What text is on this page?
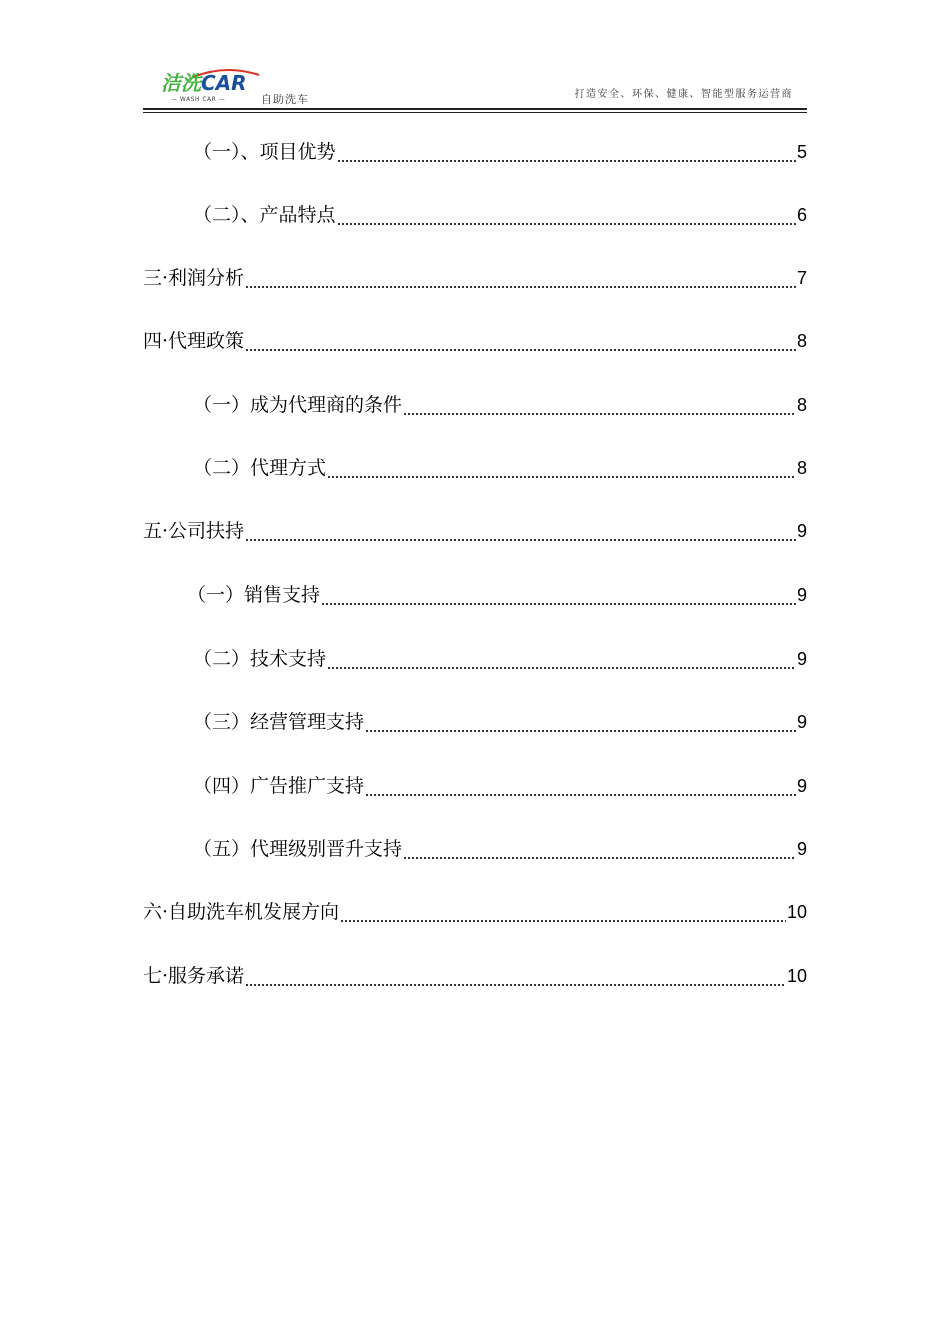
洁洗CAR
— WASH CAR —	自助洗车	打造安全、环保、健康、智能型服务运营商
（一）、项目优势	5
（二）、产品特点	6
三·利润分析	7
四·代理政策	8
（一）成为代理商的条件	8
（二）代理方式	8
五·公司扶持	9
（一）销售支持	9
（二）技术支持	9
（三）经营管理支持	9
（四）广告推广支持	9
（五）代理级别晋升支持	9
六·自助洗车机发展方向	10
七·服务承诺	10
